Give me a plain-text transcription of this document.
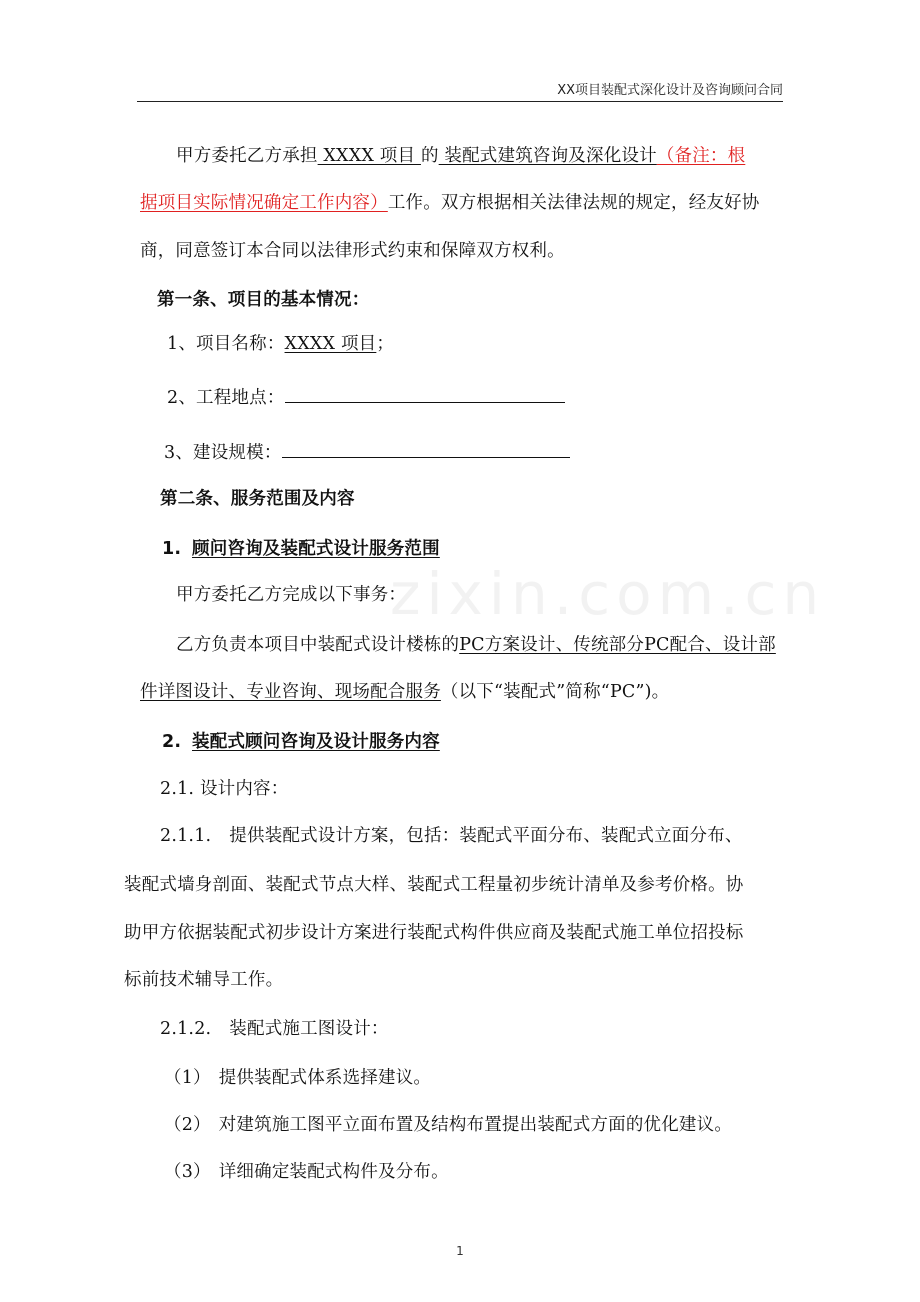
XX项目装配式深化设计及咨询顾问合同
zixin.com.cn
甲方委托乙方承担 XXXX 项目 的 装配式建筑咨询及深化设计（备注：根
据项目实际情况确定工作内容）工作。双方根据相关法律法规的规定，经友好协
商，同意签订本合同以法律形式约束和保障双方权利。
第一条、项目的基本情况：
1、项目名称：XXXX 项目；
2、工程地点：
3、建设规模：
第二条、服务范围及内容
1. 顾问咨询及装配式设计服务范围
甲方委托乙方完成以下事务：
乙方负责本项目中装配式设计楼栋的PC方案设计、传统部分PC配合、设计部
件详图设计、专业咨询、现场配合服务（以下“装配式”简称“PC”)。
2. 装配式顾问咨询及设计服务内容
2.1. 设计内容：
2.1.1. 提供装配式设计方案，包括：装配式平面分布、装配式立面分布、
装配式墙身剖面、装配式节点大样、装配式工程量初步统计清单及参考价格。协
助甲方依据装配式初步设计方案进行装配式构件供应商及装配式施工单位招投标
标前技术辅导工作。
2.1.2. 装配式施工图设计：
（1） 提供装配式体系选择建议。
（2） 对建筑施工图平立面布置及结构布置提出装配式方面的优化建议。
（3） 详细确定装配式构件及分布。
1
